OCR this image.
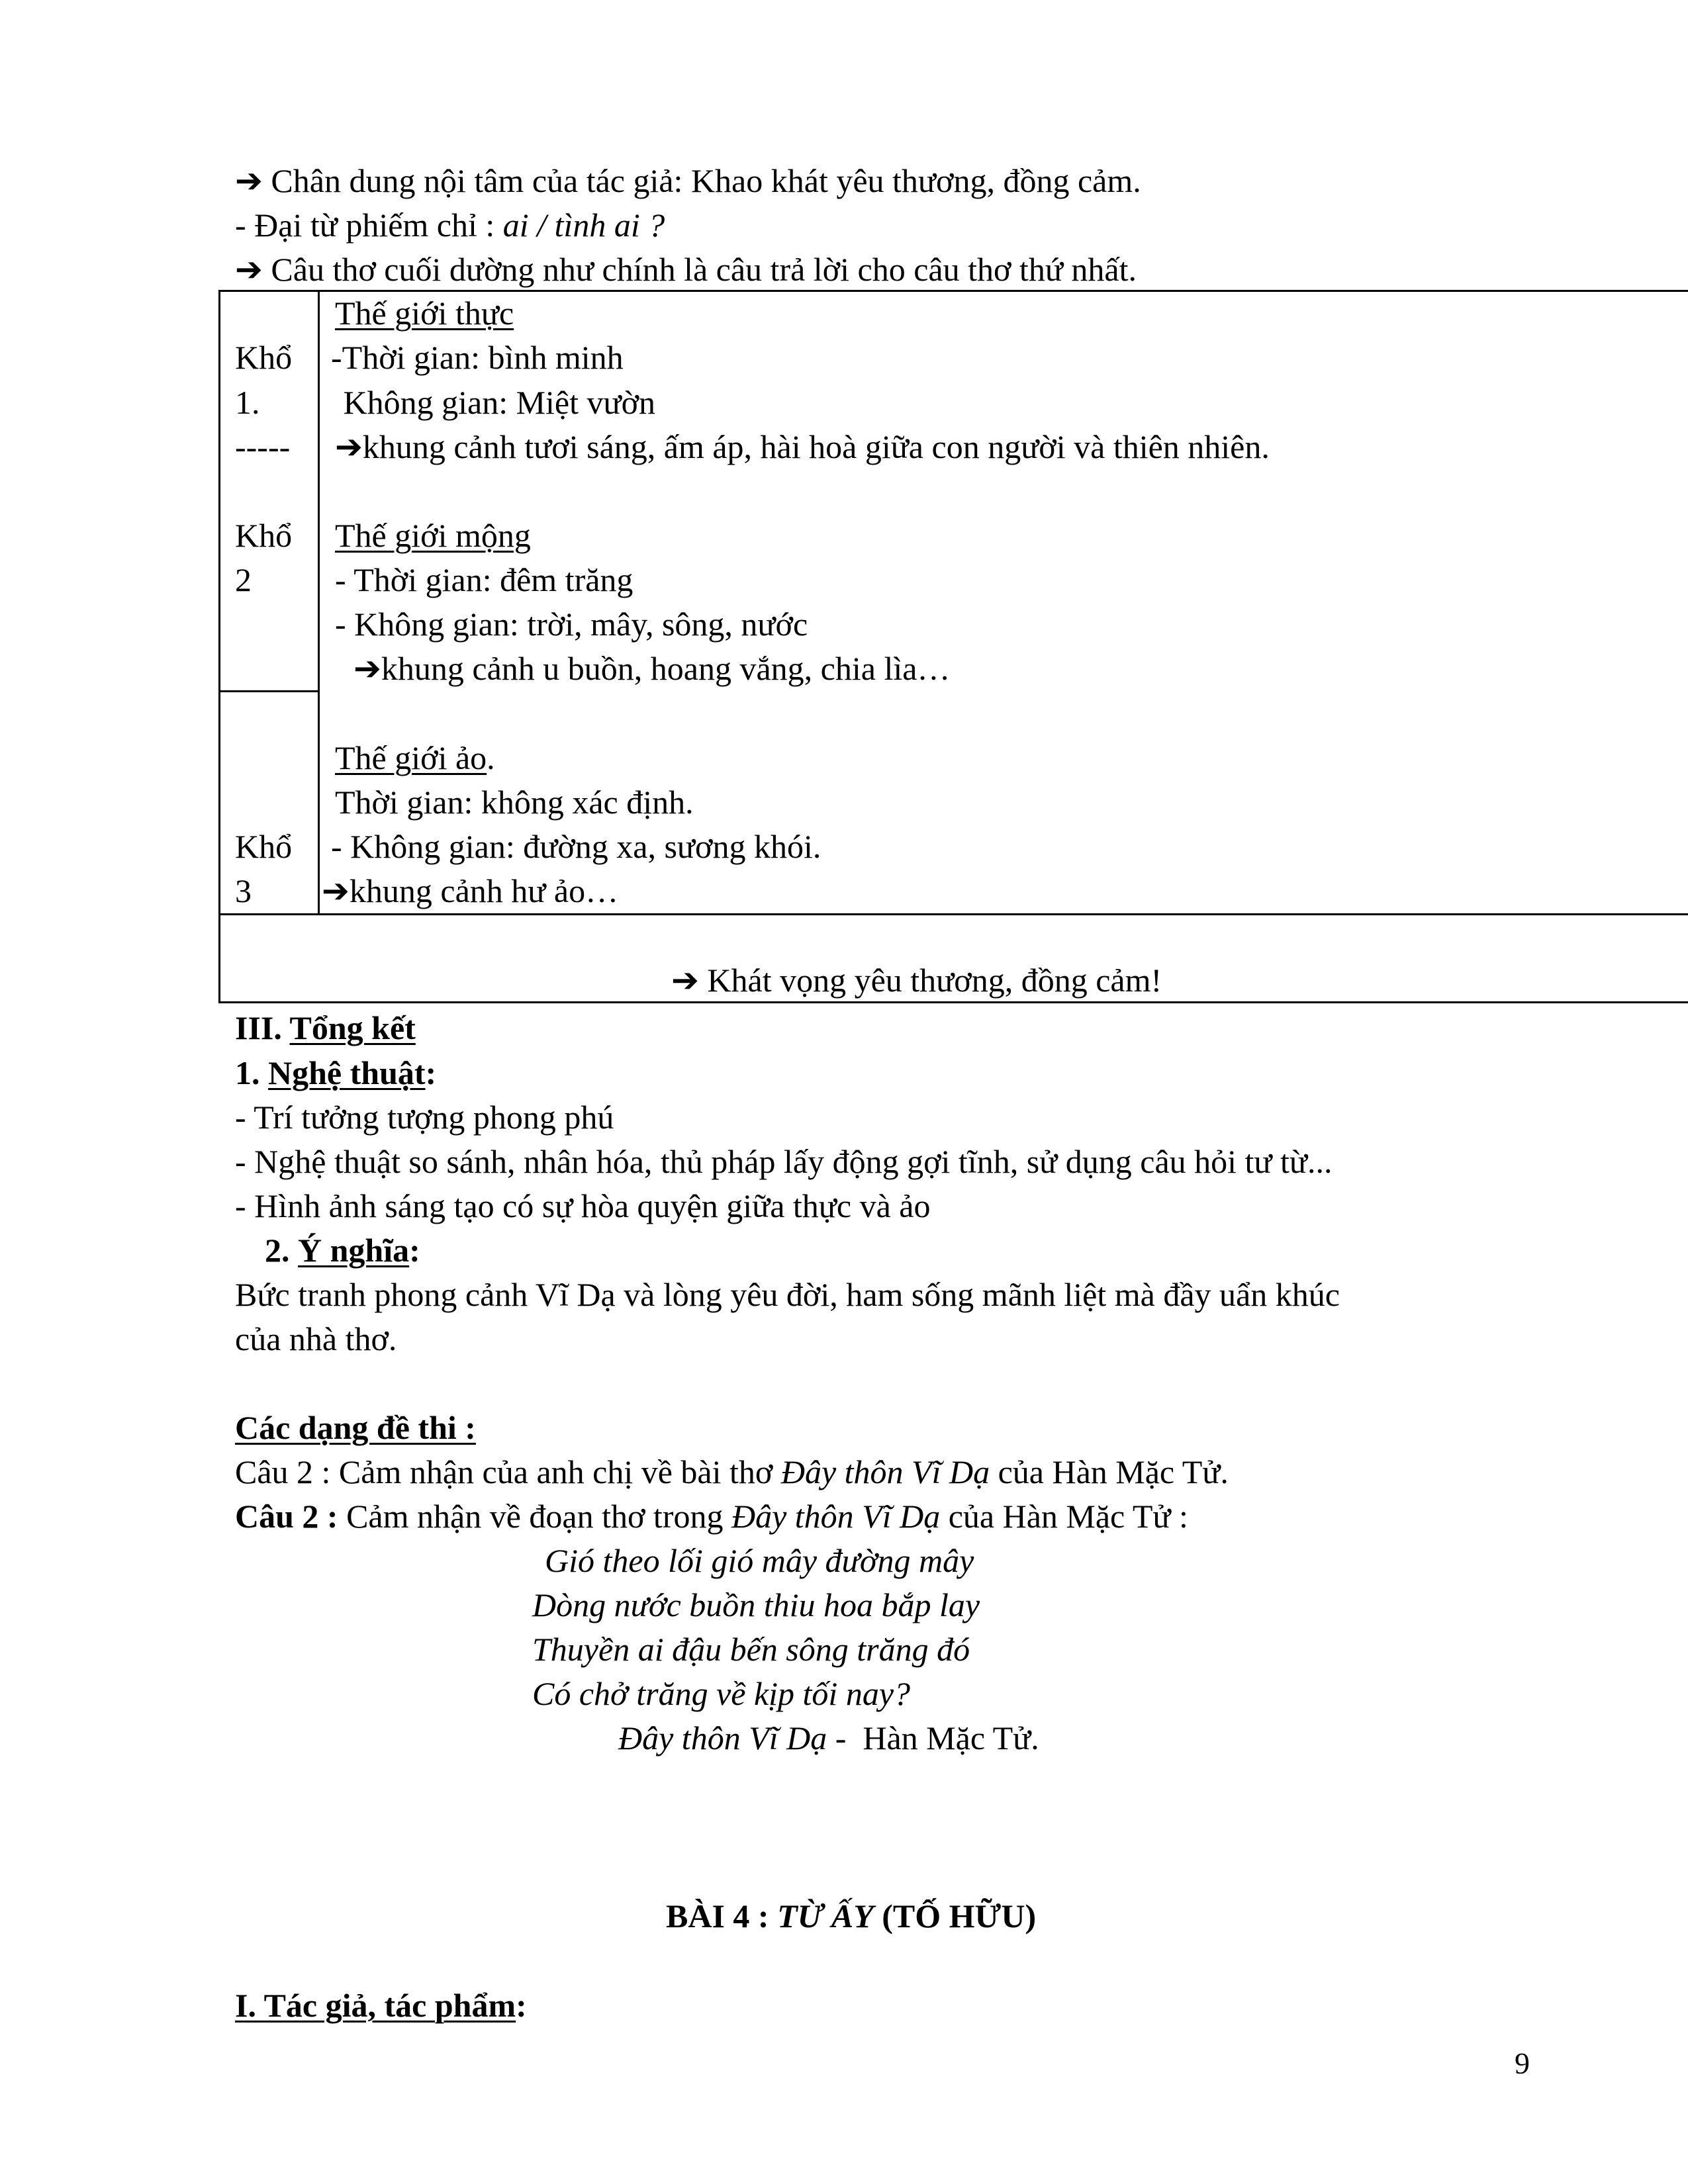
➔ Chân dung nội tâm của tác giả: Khao khát yêu thương, đồng cảm.
- Đại từ phiếm chỉ : ai / tình ai ?
➔ Câu thơ cuối dường như chính là câu trả lời cho câu thơ thứ nhất.
Khổ
1.
-----
Khổ
2
Khổ
3
Thế giới thực
-Thời gian: bình minh
Không gian: Miệt vườn
➔khung cảnh tươi sáng, ấm áp, hài hoà giữa con người và thiên nhiên.
Thế giới mộng
- Thời gian: đêm trăng
- Không gian: trời, mây, sông, nước
➔khung cảnh u buồn, hoang vắng, chia lìa…
Thế giới ảo.
Thời gian: không xác định.
- Không gian: đường xa, sương khói.
➔khung cảnh hư ảo…
➔ Khát vọng yêu thương, đồng cảm!
III. Tổng kết
1. Nghệ thuật:
- Trí tưởng tượng phong phú
- Nghệ thuật so sánh, nhân hóa, thủ pháp lấy động gợi tĩnh, sử dụng câu hỏi tư từ...
- Hình ảnh sáng tạo có sự hòa quyện giữa thực và ảo
2. Ý nghĩa:
Bức tranh phong cảnh Vĩ Dạ và lòng yêu đời, ham sống mãnh liệt mà đầy uẩn khúc
của nhà thơ.
Các dạng đề thi :
Câu 2 : Cảm nhận của anh chị về bài thơ Đây thôn Vĩ Dạ của Hàn Mặc Tử.
Câu 2 : Cảm nhận về đoạn thơ trong Đây thôn Vĩ Dạ của Hàn Mặc Tử :
Gió theo lối gió mây đường mây
Dòng nước buồn thiu hoa bắp lay
Thuyền ai đậu bến sông trăng đó
Có chở trăng về kịp tối nay?
Đây thôn Vĩ Dạ -  Hàn Mặc Tử.
BÀI 4 : TỪ ẤY (TỐ HỮU)
I. Tác giả, tác phẩm:
9
